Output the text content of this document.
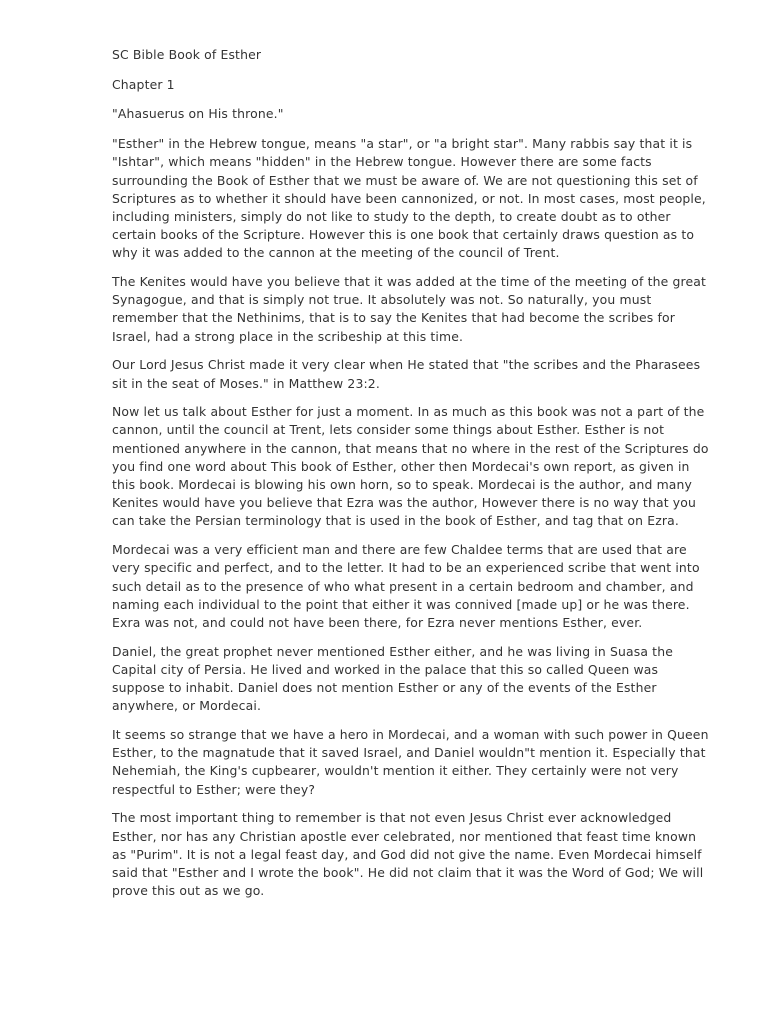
SC Bible Book of Esther

Chapter 1

"Ahasuerus on His throne."

"Esther" in the Hebrew tongue, means "a star", or "a bright star". Many rabbis say that it is "Ishtar", which means "hidden" in the Hebrew tongue. However there are some facts surrounding the Book of Esther that we must be aware of. We are not questioning this set of Scriptures as to whether it should have been cannonized, or not. In most cases, most people, including ministers, simply do not like to study to the depth, to create doubt as to other certain books of the Scripture. However this is one book that certainly draws question as to why it was added to the cannon at the meeting of the council of Trent.

The Kenites would have you believe that it was added at the time of the meeting of the great Synagogue, and that is simply not true. It absolutely was not. So naturally, you must remember that the Nethinims, that is to say the Kenites that had become the scribes for Israel, had a strong place in the scribeship at this time.

Our Lord Jesus Christ made it very clear when He stated that "the scribes and the Pharasees sit in the seat of Moses." in Matthew 23:2.

Now let us talk about Esther for just a moment. In as much as this book was not a part of the cannon, until the council at Trent, lets consider some things about Esther. Esther is not mentioned anywhere in the cannon, that means that no where in the rest of the Scriptures do you find one word about This book of Esther, other then Mordecai's own report, as given in this book. Mordecai is blowing his own horn, so to speak. Mordecai is the author, and many Kenites would have you believe that Ezra was the author, However there is no way that you can take the Persian terminology that is used in the book of Esther, and tag that on Ezra.

Mordecai was a very efficient man and there are few Chaldee terms that are used that are very specific and perfect, and to the letter. It had to be an experienced scribe that went into such detail as to the presence of who what present in a certain bedroom and chamber, and naming each individual to the point that either it was connived [made up] or he was there. Exra was not, and could not have been there, for Ezra never mentions Esther, ever.

Daniel, the great prophet never mentioned Esther either, and he was living in Suasa the Capital city of Persia. He lived and worked in the palace that this so called Queen was suppose to inhabit. Daniel does not mention Esther or any of the events of the Esther anywhere, or Mordecai.

It seems so strange that we have a hero in Mordecai, and a woman with such power in Queen Esther, to the magnatude that it saved Israel, and Daniel wouldn"t mention it. Especially that Nehemiah, the King's cupbearer, wouldn't mention it either. They certainly were not very respectful to Esther; were they?

The most important thing to remember is that not even Jesus Christ ever acknowledged Esther, nor has any Christian apostle ever celebrated, nor mentioned that feast time known as "Purim". It is not a legal feast day, and God did not give the name. Even Mordecai himself said that "Esther and I wrote the book". He did not claim that it was the Word of God; We will prove this out as we go.
